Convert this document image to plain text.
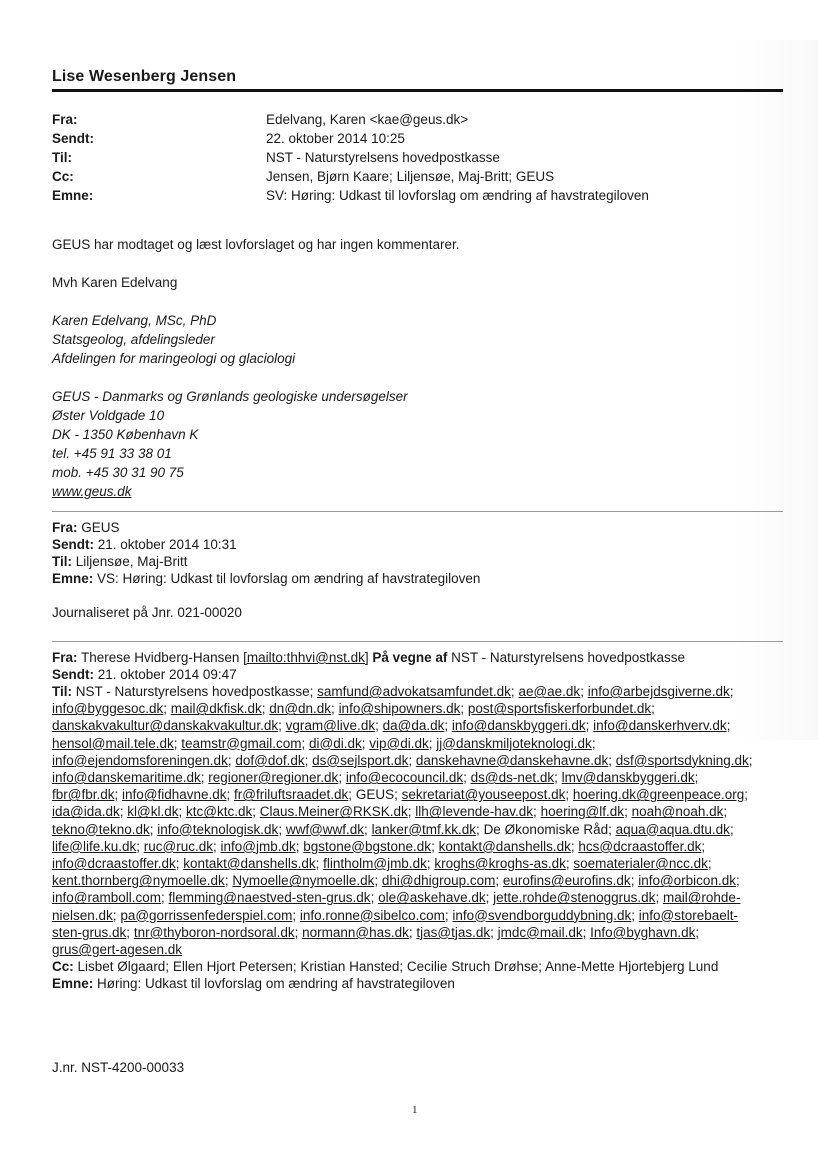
Lise Wesenberg Jensen
Fra:	Edelvang, Karen <kae@geus.dk>
Sendt:	22. oktober 2014 10:25
Til:	NST - Naturstyrelsens hovedpostkasse
Cc:	Jensen, Bjørn Kaare; Liljensøe, Maj-Britt; GEUS
Emne:	SV: Høring: Udkast til lovforslag om ændring af havstrategiloven
GEUS har modtaget og læst lovforslaget og har ingen kommentarer.
Mvh Karen Edelvang
Karen Edelvang, MSc, PhD
Statsgeolog, afdelingsleder
Afdelingen for maringeologi og glaciologi
GEUS - Danmarks og Grønlands geologiske undersøgelser
Øster Voldgade 10
DK - 1350 København K
tel. +45 91 33 38 01
mob. +45 30 31 90 75
www.geus.dk
Fra: GEUS
Sendt: 21. oktober 2014 10:31
Til: Liljensøe, Maj-Britt
Emne: VS: Høring: Udkast til lovforslag om ændring af havstrategiloven
Journaliseret på Jnr. 021-00020
Fra: Therese Hvidberg-Hansen [mailto:thhvi@nst.dk] På vegne af NST - Naturstyrelsens hovedpostkasse
Sendt: 21. oktober 2014 09:47
Til: NST - Naturstyrelsens hovedpostkasse; samfund@advokatsamfundet.dk; ae@ae.dk; info@arbejdsgiverne.dk; info@byggesoc.dk; mail@dkfisk.dk; dn@dn.dk; info@shipowners.dk; post@sportsfiskerforbundet.dk; danskakvakultur@danskakvakultur.dk; vgram@live.dk; da@da.dk; info@danskbyggeri.dk; info@danskerhverv.dk; hensol@mail.tele.dk; teamstr@gmail.com; di@di.dk; vip@di.dk; jj@danskmiljoteknologi.dk; info@ejendomsforeningen.dk; dof@dof.dk; ds@sejlsport.dk; danskehavne@danskehavne.dk; dsf@sportsdykning.dk; info@danskemaritime.dk; regioner@regioner.dk; info@ecocouncil.dk; ds@ds-net.dk; lmv@danskbyggeri.dk; fbr@fbr.dk; info@fidhavne.dk; fr@friluftsraadet.dk; GEUS; sekretariat@youseepost.dk; hoering.dk@greenpeace.org; ida@ida.dk; kl@kl.dk; ktc@ktc.dk; Claus.Meiner@RKSK.dk; llh@levende-hav.dk; hoering@lf.dk; noah@noah.dk; tekno@tekno.dk; info@teknologisk.dk; wwf@wwf.dk; lanker@tmf.kk.dk; De Økonomiske Råd; aqua@aqua.dtu.dk; life@life.ku.dk; ruc@ruc.dk; info@jmb.dk; bgstone@bgstone.dk; kontakt@danshells.dk; hcs@dcraastoffer.dk; info@dcraastoffer.dk; kontakt@danshells.dk; flintholm@jmb.dk; kroghs@kroghs-as.dk; soematerialer@ncc.dk; kent.thornberg@nymoelle.dk; Nymoelle@nymoelle.dk; dhi@dhigroup.com; eurofins@eurofins.dk; info@orbicon.dk; info@ramboll.com; flemming@naestved-sten-grus.dk; ole@askehave.dk; jette.rohde@stenoggrus.dk; mail@rohde-nielsen.dk; pa@gorrissenfederspiel.com; info.ronne@sibelco.com; info@svendborguddybning.dk; info@storebaelt-sten-grus.dk; tnr@thyboron-nordsoral.dk; normann@has.dk; tjas@tjas.dk; jmdc@mail.dk; Info@byghavn.dk; grus@gert-agesen.dk
Cc: Lisbet Ølgaard; Ellen Hjort Petersen; Kristian Hansted; Cecilie Struch Drøhse; Anne-Mette Hjortebjerg Lund
Emne: Høring: Udkast til lovforslag om ændring af havstrategiloven
J.nr. NST-4200-00033
1
